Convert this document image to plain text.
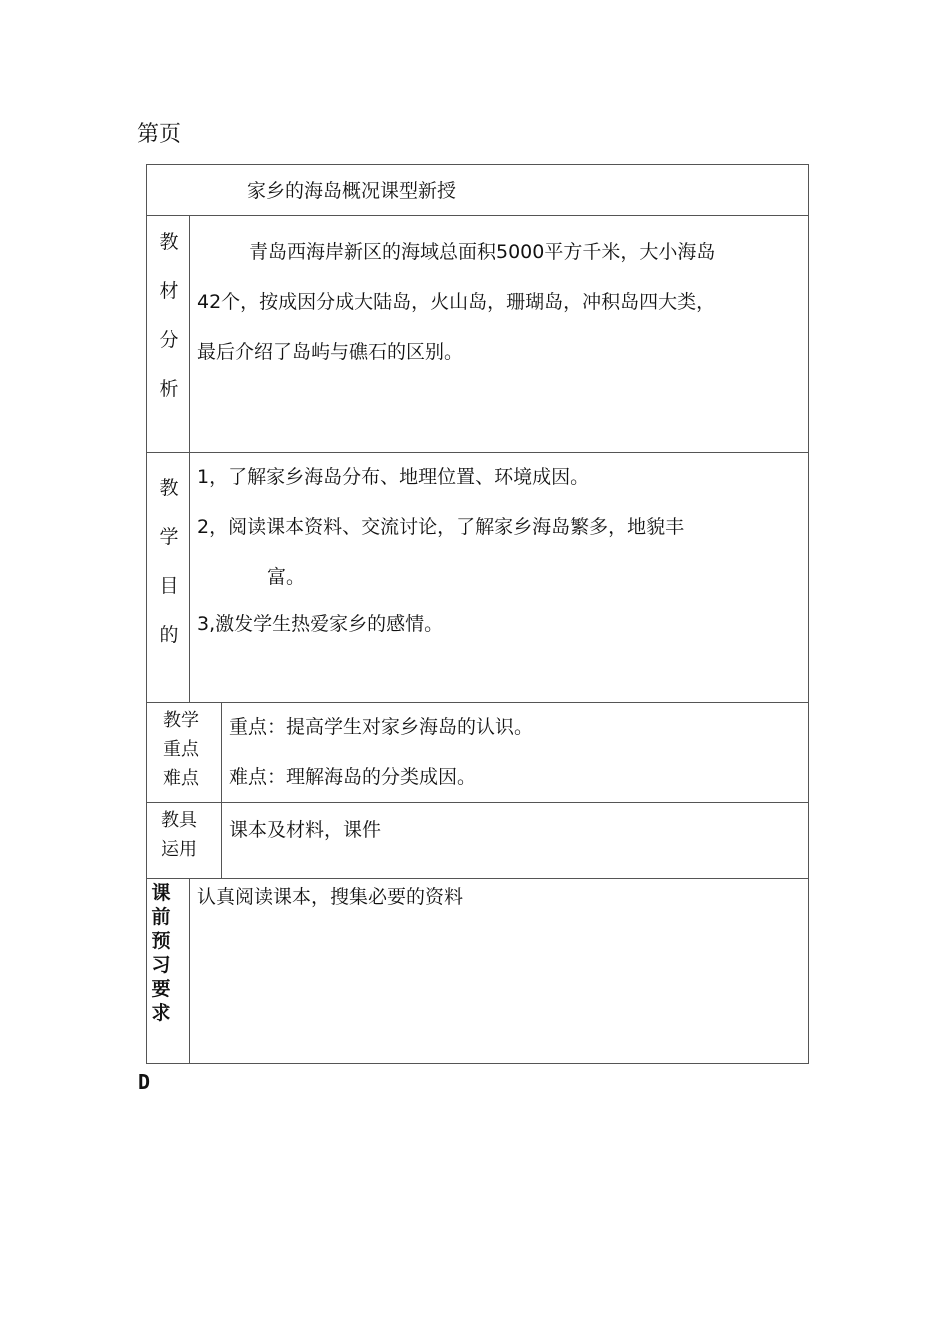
第页
家乡的海岛概况课型新授
教
材
分
析
青岛西海岸新区的海域总面积5000平方千米，大小海岛
42个，按成因分成大陆岛，火山岛，珊瑚岛，冲积岛四大类，
最后介绍了岛屿与礁石的区别。
教
学
目
的
1，了解家乡海岛分布、地理位置、环境成因。
2，阅读课本资料、交流讨论，了解家乡海岛繁多，地貌丰
富。
3,激发学生热爱家乡的感情。
教学
重点
难点
重点：提高学生对家乡海岛的认识。
难点：理解海岛的分类成因。
教具
运用
课本及材料，课件
课
前
预
习
要
求
认真阅读课本，搜集必要的资料
D
